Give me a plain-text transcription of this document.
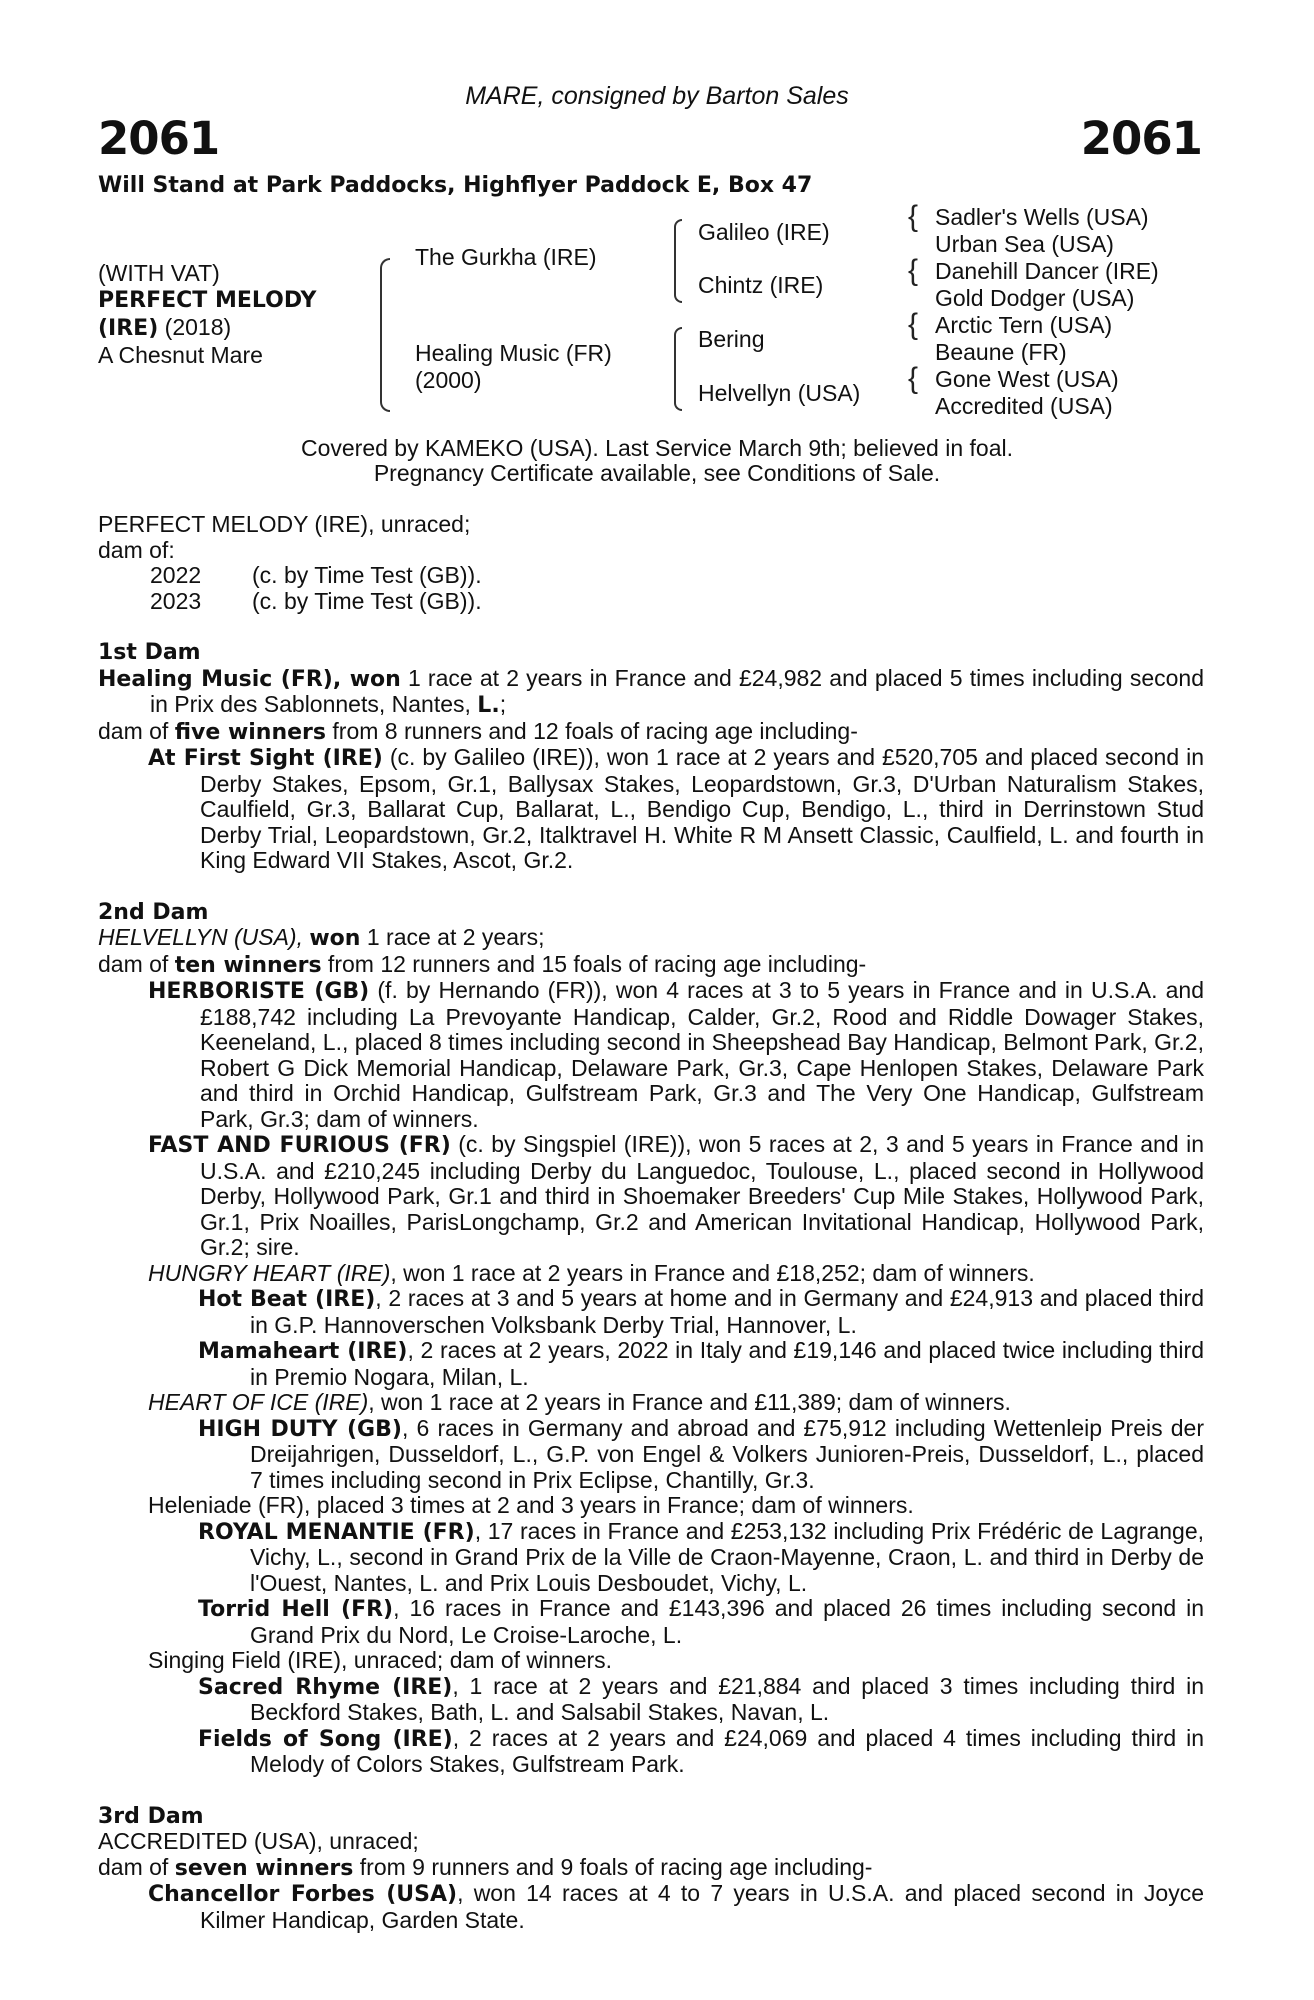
MARE, consigned by Barton Sales
2061	2061
Will Stand at Park Paddocks, Highflyer Paddock E, Box 47
(WITH VAT)
PERFECT MELODY
(IRE) (2018)
A Chesnut Mare
The Gurkha (IRE)
Healing Music (FR)
(2000)
Galileo (IRE)
Chintz (IRE)
Bering
Helvellyn (USA)
{
{
{
{
Sadler's Wells (USA)
Urban Sea (USA)
Danehill Dancer (IRE)
Gold Dodger (USA)
Arctic Tern (USA)
Beaune (FR)
Gone West (USA)
Accredited (USA)
Covered by KAMEKO (USA). Last Service March 9th; believed in foal.
Pregnancy Certificate available, see Conditions of Sale.

PERFECT MELODY (IRE), unraced;

dam of:

2022 (c. by Time Test (GB)).

2023 (c. by Time Test (GB)).

1st Dam

Healing Music (FR), won 1 race at 2 years in France and £24,982 and placed 5 times including second in Prix des Sablonnets, Nantes, L.;

dam of five winners from 8 runners and 12 foals of racing age including-

At First Sight (IRE) (c. by Galileo (IRE)), won 1 race at 2 years and £520,705 and placed second in Derby Stakes, Epsom, Gr.1, Ballysax Stakes, Leopardstown, Gr.3, D'Urban Naturalism Stakes, Caulfield, Gr.3, Ballarat Cup, Ballarat, L., Bendigo Cup, Bendigo, L., third in Derrinstown Stud Derby Trial, Leopardstown, Gr.2, Italktravel H. White R M Ansett Classic, Caulfield, L. and fourth in King Edward VII Stakes, Ascot, Gr.2.

2nd Dam

HELVELLYN (USA), won 1 race at 2 years;

dam of ten winners from 12 runners and 15 foals of racing age including-

HERBORISTE (GB) (f. by Hernando (FR)), won 4 races at 3 to 5 years in France and in U.S.A. and £188,742 including La Prevoyante Handicap, Calder, Gr.2, Rood and Riddle Dowager Stakes, Keeneland, L., placed 8 times including second in Sheepshead Bay Handicap, Belmont Park, Gr.2, Robert G Dick Memorial Handicap, Delaware Park, Gr.3, Cape Henlopen Stakes, Delaware Park and third in Orchid Handicap, Gulfstream Park, Gr.3 and The Very One Handicap, Gulfstream Park, Gr.3; dam of winners.

FAST AND FURIOUS (FR) (c. by Singspiel (IRE)), won 5 races at 2, 3 and 5 years in France and in U.S.A. and £210,245 including Derby du Languedoc, Toulouse, L., placed second in Hollywood Derby, Hollywood Park, Gr.1 and third in Shoemaker Breeders' Cup Mile Stakes, Hollywood Park, Gr.1, Prix Noailles, ParisLongchamp, Gr.2 and American Invitational Handicap, Hollywood Park, Gr.2; sire.

HUNGRY HEART (IRE), won 1 race at 2 years in France and £18,252; dam of winners.

Hot Beat (IRE), 2 races at 3 and 5 years at home and in Germany and £24,913 and placed third in G.P. Hannoverschen Volksbank Derby Trial, Hannover, L.

Mamaheart (IRE), 2 races at 2 years, 2022 in Italy and £19,146 and placed twice including third in Premio Nogara, Milan, L.

HEART OF ICE (IRE), won 1 race at 2 years in France and £11,389; dam of winners.

HIGH DUTY (GB), 6 races in Germany and abroad and £75,912 including Wettenleip Preis der Dreijahrigen, Dusseldorf, L., G.P. von Engel & Volkers Junioren-Preis, Dusseldorf, L., placed 7 times including second in Prix Eclipse, Chantilly, Gr.3.

Heleniade (FR), placed 3 times at 2 and 3 years in France; dam of winners.

ROYAL MENANTIE (FR), 17 races in France and £253,132 including Prix Frédéric de Lagrange, Vichy, L., second in Grand Prix de la Ville de Craon-Mayenne, Craon, L. and third in Derby de l'Ouest, Nantes, L. and Prix Louis Desboudet, Vichy, L.

Torrid Hell (FR), 16 races in France and £143,396 and placed 26 times including second in Grand Prix du Nord, Le Croise-Laroche, L.

Singing Field (IRE), unraced; dam of winners.

Sacred Rhyme (IRE), 1 race at 2 years and £21,884 and placed 3 times including third in Beckford Stakes, Bath, L. and Salsabil Stakes, Navan, L.

Fields of Song (IRE), 2 races at 2 years and £24,069 and placed 4 times including third in Melody of Colors Stakes, Gulfstream Park.

3rd Dam

ACCREDITED (USA), unraced;

dam of seven winners from 9 runners and 9 foals of racing age including-

Chancellor Forbes (USA), won 14 races at 4 to 7 years in U.S.A. and placed second in Joyce Kilmer Handicap, Garden State.
